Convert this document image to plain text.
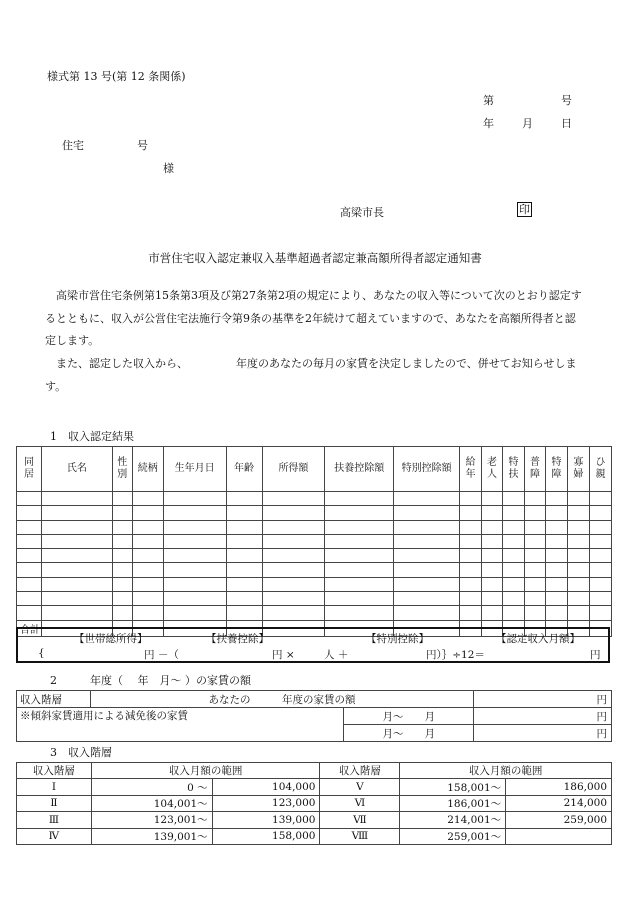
様式第 13 号(第 12 条関係)
第	号
年	月	日
住宅	号
様
高梁市長	印
市営住宅収入認定兼収入基準超過者認定兼高額所得者認定通知書
高梁市営住宅条例第15条第3項及び第27条第2項の規定により、あなたの収入等について次のとおり認定するとともに、収入が公営住宅法施行令第9条の基準を2年続けて超えていますので、あなたを高額所得者と認定します。
また、認定した収入から、	年度のあなたの毎月の家賃を決定しましたので、併せてお知らせします。
1　収入認定結果
同居	氏名	性別	続柄	生年月日	年齢	所得額	扶養控除額	特別控除額	給年	老人	特扶	普障	特障	寡婦	ひ親

合計															
【世帯総所得】	【扶養控除】	【特別控除】	【認定収入月額】
{	円 －（	円 ×	人 ＋	円）｝÷12＝	円
2　　　年度（　 年　月～ ）の家賃の額
収入階層	あなたの　　　年度の家賃の額		円
※傾斜家賃適用による減免後の家賃		月～　　月	円
		月～　　月	円
3　収入階層
収入階層	収入月額の範囲		収入階層	収入月額の範囲	
Ⅰ	0 ～	104,000	Ⅴ	158,001～	186,000
Ⅱ	104,001～	123,000	Ⅵ	186,001～	214,000
Ⅲ	123,001～	139,000	Ⅶ	214,001～	259,000
Ⅳ	139,001～	158,000	Ⅷ	259,001～	
